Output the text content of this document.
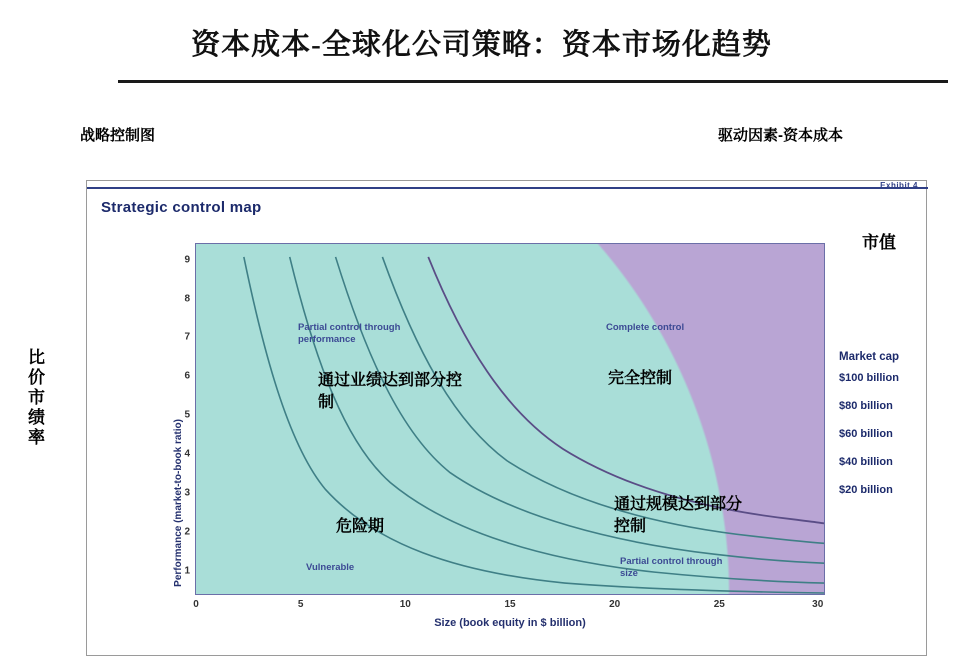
资本成本-全球化公司策略：资本市场化趋势
战略控制图	驱动因素-资本成本
比价市绩率
Exhibit 4
Strategic control map
Performance (market-to-book ratio)
9
8
7
6
5
4
3
2
1
0	5	10	15	20	25	30
Partial control through performance
Complete control
Partial control through size
Vulnerable
通过业绩达到部分控制
完全控制
通过规模达到部分控制
危险期
Size (book equity in $ billion)
Market cap
$100 billion
$80 billion
$60 billion
$40 billion
$20 billion
市值
